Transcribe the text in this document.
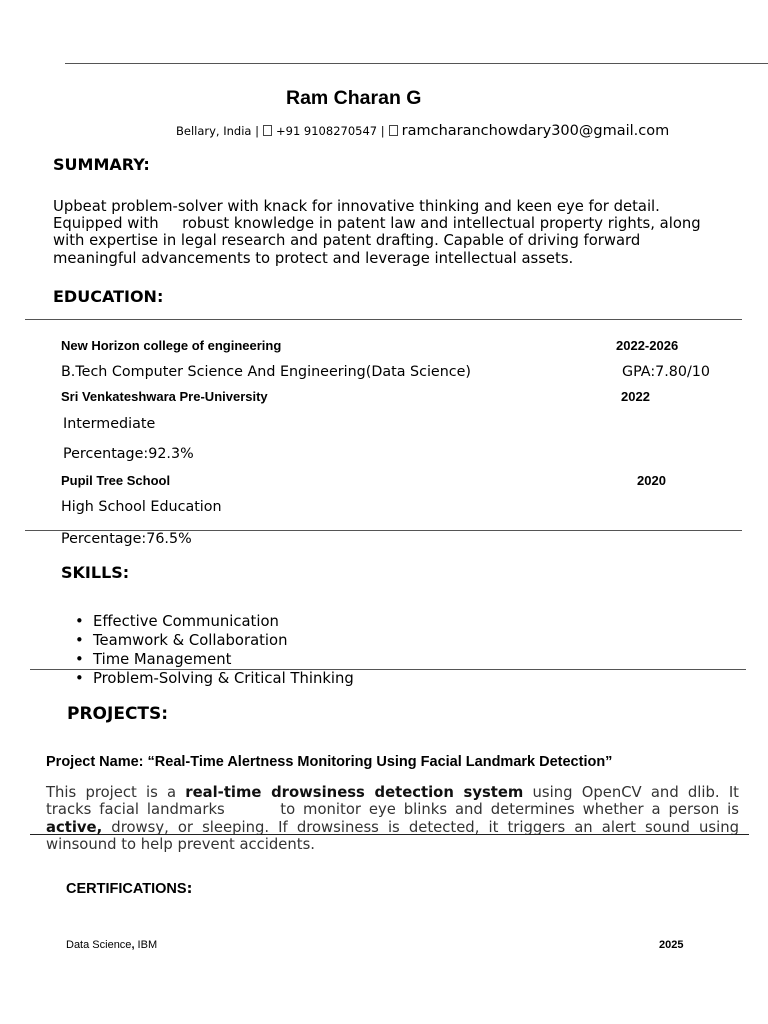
Ram Charan G
Bellary, India | +91 9108270547 | ramcharanchowdary300@gmail.com
SUMMARY:
Upbeat problem-solver with knack for innovative thinking and keen eye for detail.
Equipped with     robust knowledge in patent law and intellectual property rights, along
with expertise in legal research and patent drafting. Capable of driving forward
meaningful advancements to protect and leverage intellectual assets.
EDUCATION:
New Horizon college of engineering	2022-2026
B.Tech Computer Science And Engineering(Data Science)	GPA:7.80/10
Sri Venkateshwara Pre-University	2022
Intermediate
Percentage:92.3%
Pupil Tree School	2020
High School Education
Percentage:76.5%
SKILLS:
• Effective Communication
• Teamwork & Collaboration
• Time Management
• Problem-Solving & Critical Thinking
PROJECTS:
Project Name: “Real-Time Alertness Monitoring Using Facial Landmark Detection”
This project is a real-time drowsiness detection system using OpenCV and dlib. It
tracks facial landmarks       to monitor eye blinks and determines whether a person is
active, drowsy, or sleeping. If drowsiness is detected, it triggers an alert sound using
winsound to help prevent accidents.
CERTIFICATIONS:
Data Science, IBM	2025
